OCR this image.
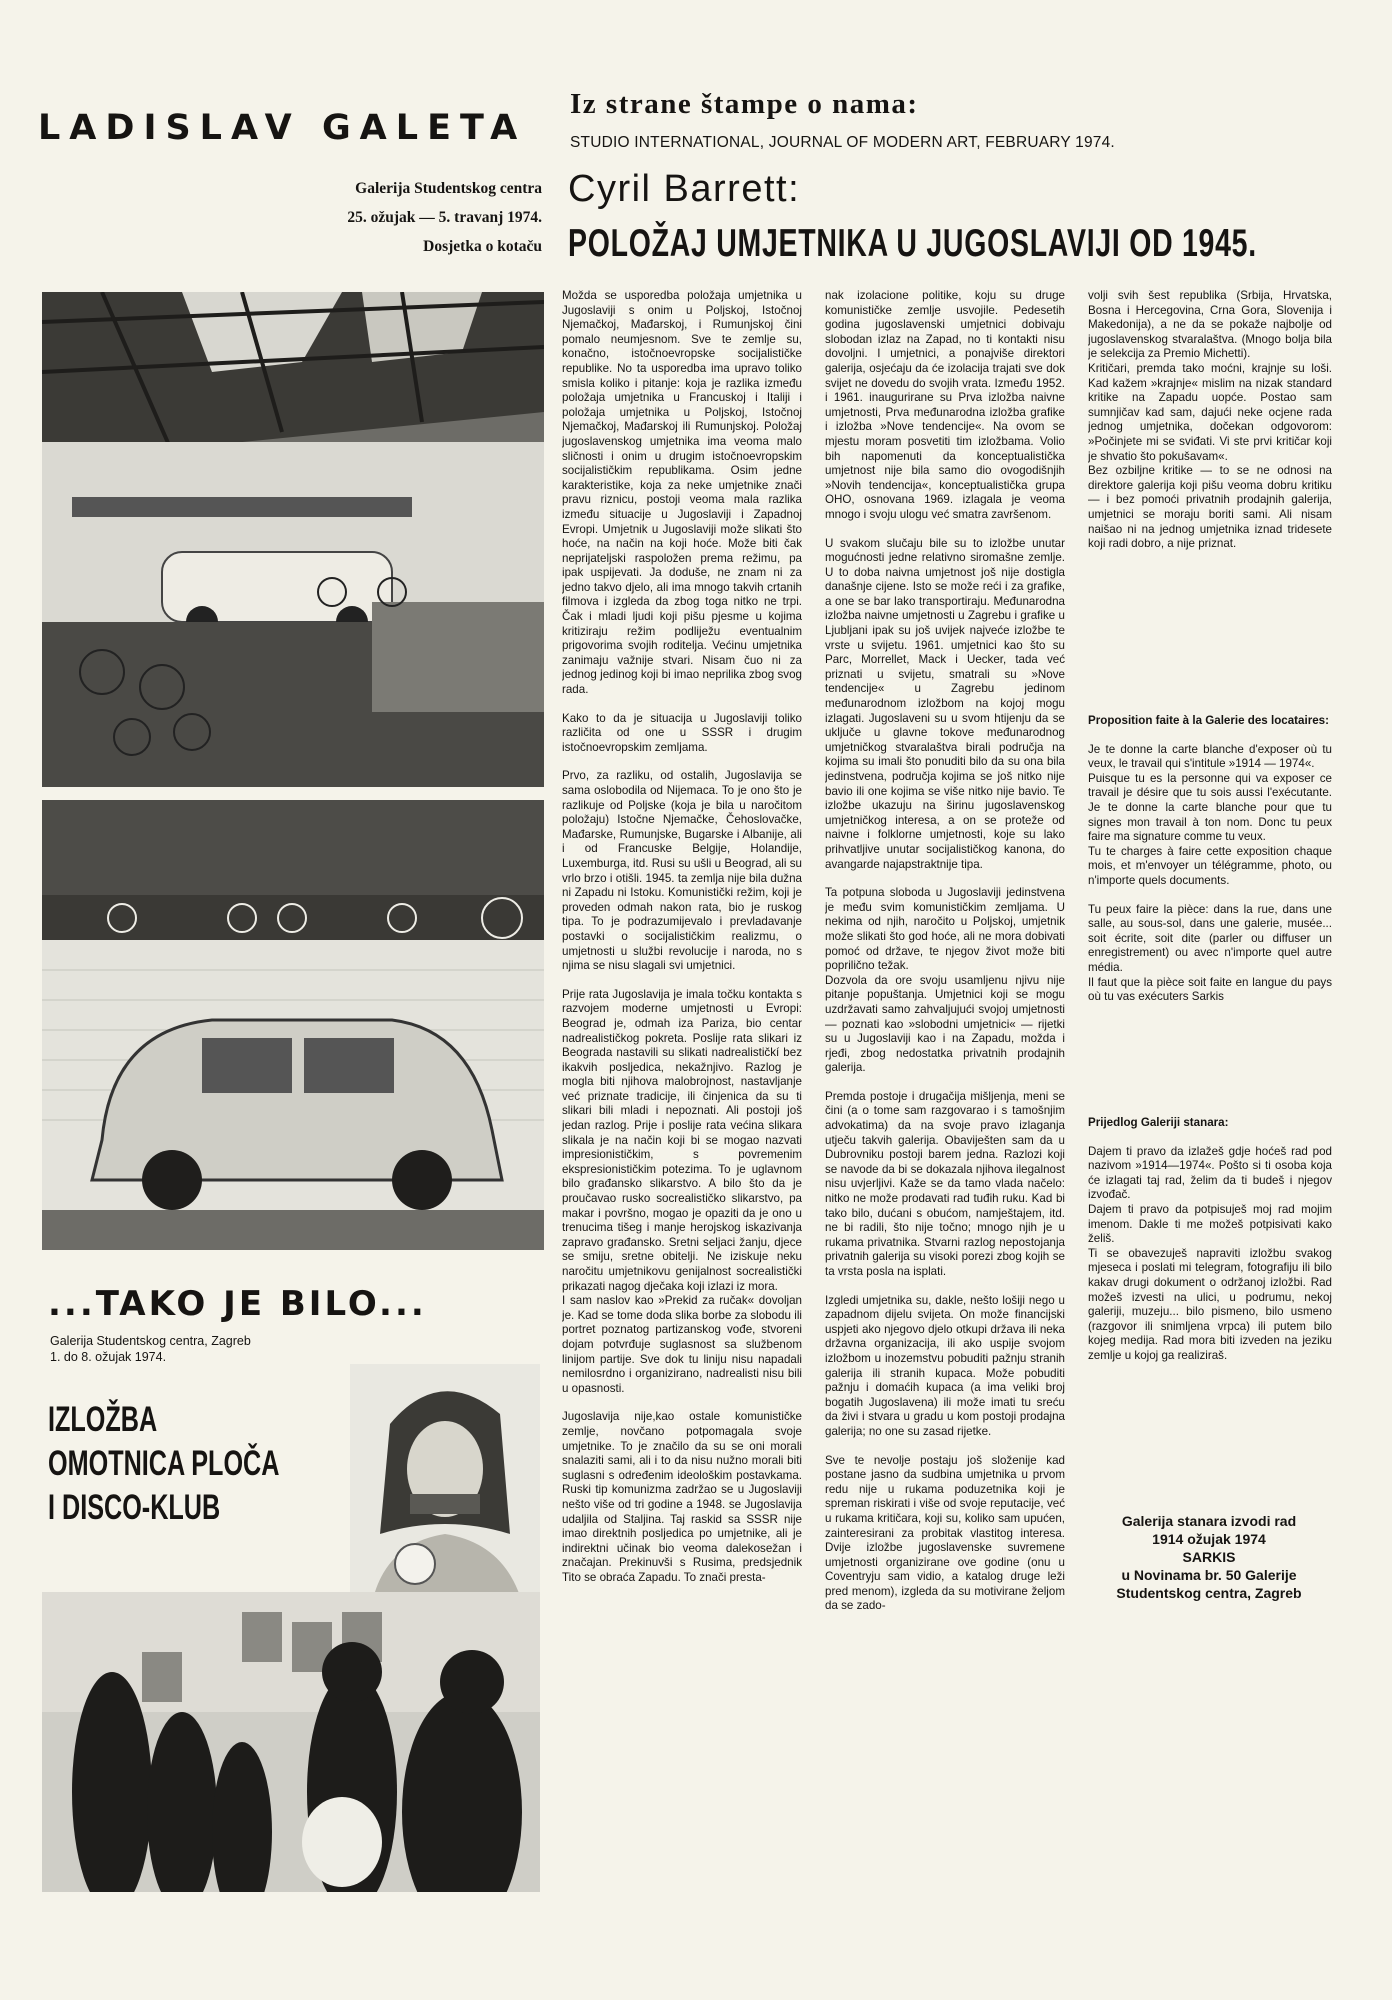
LADISLAV GALETA
Galerija Studentskog centra
25. ožujak — 5. travanj 1974.
Dosjetka o kotaču
Iz strane štampe o nama:
STUDIO INTERNATIONAL, JOURNAL OF MODERN ART, FEBRUARY 1974.
Cyril Barrett:
POLOŽAJ UMJETNIKA U JUGOSLAVIJI OD 1945.
...TAKO JE BILO...
Galerija Studentskog centra, Zagreb
1. do 8. ožujak 1974.
IZLOŽBA
OMOTNICA PLOČA
I DISCO-KLUB

Možda se usporedba položaja umjetnika u Jugoslaviji s onim u Poljskoj, Istočnoj Njemačkoj, Mađarskoj, i Rumunjskoj čini pomalo neumjesnom. Sve te zemlje su, konačno, istočnoevropske socijalističke republike. No ta usporedba ima upravo toliko smisla koliko i pitanje: koja je razlika između položaja umjetnika u Francuskoj i Italiji i položaja umjetnika u Poljskoj, Istočnoj Njemačkoj, Mađarskoj ili Rumunjskoj. Položaj jugoslavenskog umjetnika ima veoma malo sličnosti i onim u drugim istočnoevropskim socijalističkim republikama. Osim jedne karakteristike, koja za neke umjetnike znači pravu riznicu, postoji veoma mala razlika između situacije u Jugoslaviji i Zapadnoj Evropi. Umjetnik u Jugoslaviji može slikati što hoće, na način na koji hoće. Može biti čak neprijateljski raspoložen prema režimu, pa ipak uspijevati. Ja doduše, ne znam ni za jedno takvo djelo, ali ima mnogo takvih crtanih filmova i izgleda da zbog toga nitko ne trpi. Čak i mladi ljudi koji pišu pjesme u kojima kritiziraju režim podliježu eventualnim prigovorima svojih roditelja. Većinu umjetnika zanimaju važnije stvari. Nisam čuo ni za jednog jedinog koji bi imao neprilika zbog svog rada.

Kako to da je situacija u Jugoslaviji toliko različita od one u SSSR i drugim istočnoevropskim zemljama.

Prvo, za razliku, od ostalih, Jugoslavija se sama oslobodila od Nijemaca. To je ono što je razlikuje od Poljske (koja je bila u naročitom položaju) Istočne Njemačke, Čehoslovačke, Mađarske, Rumunjske, Bugarske i Albanije, ali i od Francuske Belgije, Holandije, Luxemburga, itd. Rusi su ušli u Beograd, ali su vrlo brzo i otišli. 1945. ta zemlja nije bila dužna ni Zapadu ni Istoku. Komunistički režim, koji je proveden odmah nakon rata, bio je ruskog tipa. To je podrazumijevalo i prevladavanje postavki o socijalističkim realizmu, o umjetnosti u službi revolucije i naroda, no s njima se nisu slagali svi umjetnici.

Prije rata Jugoslavija je imala točku kontakta s razvojem moderne umjetnosti u Evropi: Beograd je, odmah iza Pariza, bio centar nadrealističkog pokreta. Poslije rata slikari iz Beograda nastavili su slikati nadrealističkí bez ikakvih posljedica, nekažnjivo. Razlog je mogla biti njihova malobrojnost, nastavljanje već priznate tradicije, ili činjenica da su ti slikari bili mladi i nepoznati. Ali postoji još jedan razlog. Prije i poslije rata većina slikara slikala je na način koji bi se mogao nazvati impresionističkim, s povremenim ekspresionističkim potezima. To je uglavnom bilo građansko slikarstvo. A bilo što da je proučavao rusko socrealističko slikarstvo, pa makar i površno, mogao je opaziti da je ono u trenucima tišeg i manje herojskog iskazivanja zapravo građansko. Sretni seljaci žanju, djece se smiju, sretne obitelji. Ne iziskuje neku naročitu umjetnikovu genijalnost socrealistički prikazati nagog dječaka koji izlazi iz mora.

I sam naslov kao »Prekid za ručak« dovoljan je. Kad se tome doda slika borbe za slobodu ili portret poznatog partizanskog vođe, stvoreni dojam potvrđuje suglasnost sa službenom linijom partije. Sve dok tu liniju nisu napadali nemilosrdno i organizirano, nadrealisti nisu bili u opasnosti.

Jugoslavija nije,kao ostale komunističke zemlje, novčano potpomagala svoje umjetnike. To je značilo da su se oni morali snalaziti sami, ali i to da nisu nužno morali biti suglasni s određenim ideološkim postavkama. Ruski tip komunizma zadržao se u Jugoslaviji nešto više od tri godine a 1948. se Jugoslavija udaljila od Staljina. Taj raskid sa SSSR nije imao direktnih posljedica po umjetnike, ali je indirektni učinak bio veoma dalekosežan i značajan. Prekinuvši s Rusima, predsjednik Tito se obraća Zapadu. To znači presta-

nak izolacione politike, koju su druge komunističke zemlje usvojile. Pedesetih godina jugoslavenski umjetnici dobivaju slobodan izlaz na Zapad, no ti kontakti nisu dovoljni. I umjetnici, a ponajviše direktori galerija, osjećaju da će izolacija trajati sve dok svijet ne dovedu do svojih vrata. Između 1952. i 1961. inaugurirane su Prva izložba naivne umjetnosti, Prva međunarodna izložba grafike i izložba »Nove tendencije«. Na ovom se mjestu moram posvetiti tim izložbama. Volio bih napomenuti da konceptualistička umjetnost nije bila samo dio ovogodišnjih »Novih tendencija«, konceptualistička grupa OHO, osnovana 1969. izlagala je veoma mnogo i svoju ulogu već smatra završenom.

U svakom slučaju bile su to izložbe unutar mogućnosti jedne relativno siromašne zemlje. U to doba naivna umjetnost još nije dostigla današnje cijene. Isto se može reći i za grafike, a one se bar lako transportiraju. Međunarodna izložba naivne umjetnosti u Zagrebu i grafike u Ljubljani ipak su još uvijek najveće izložbe te vrste u svijetu. 1961. umjetnici kao što su Parc, Morrellet, Mack i Uecker, tada već priznati u svijetu, smatrali su »Nove tendencije« u Zagrebu jedinom međunarodnom izložbom na kojoj mogu izlagati. Jugoslaveni su u svom htijenju da se uključe u glavne tokove međunarodnog umjetničkog stvaralaštva birali područja na kojima su imali što ponuditi bilo da su ona bila jedinstvena, područja kojima se još nitko nije bavio ili one kojima se više nitko nije bavio. Te izložbe ukazuju na širinu jugoslavenskog umjetničkog interesa, a on se proteže od naivne i folklorne umjetnosti, koje su lako prihvatljive unutar socijalističkog kanona, do avangarde najapstraktnije tipa.

Ta potpuna sloboda u Jugoslaviji jedinstvena je među svim komunističkim zemljama. U nekima od njih, naročito u Poljskoj, umjetnik može slikati što god hoće, ali ne mora dobivati pomoć od države, te njegov život može biti poprilično težak.

Dozvola da ore svoju usamljenu njivu nije pitanje popuštanja. Umjetnici koji se mogu uzdržavati samo zahvaljujući svojoj umjetnosti — poznati kao »slobodni umjetnici« — rijetki su u Jugoslaviji kao i na Zapadu, možda i rjeđi, zbog nedostatka privatnih prodajnih galerija.

Premda postoje i drugačija mišljenja, meni se čini (a o tome sam razgovarao i s tamošnjim advokatima) da na svoje pravo izlaganja utječu takvih galerija. Obaviješten sam da u Dubrovniku postoji barem jedna. Razlozi koji se navode da bi se dokazala njihova ilegalnost nisu uvjerljivi. Kaže se da tamo vlada načelo: nitko ne može prodavati rad tuđih ruku. Kad bi tako bilo, dućani s obućom, namještajem, itd. ne bi radili, što nije točno; mnogo njih je u rukama privatnika. Stvarni razlog nepostojanja privatnih galerija su visoki porezi zbog kojih se ta vrsta posla na isplati.

Izgledi umjetnika su, dakle, nešto lošiji nego u zapadnom dijelu svijeta. On može financijski uspjeti ako njegovo djelo otkupi država ili neka državna organizacija, ili ako uspije svojom izložbom u inozemstvu pobuditi pažnju stranih galerija ili stranih kupaca. Može pobuditi pažnju i domaćih kupaca (a ima veliki broj bogatih Jugoslavena) ili može imati tu sreću da živi i stvara u gradu u kom postoji prodajna galerija; no one su zasad rijetke.

Sve te nevolje postaju još složenije kad postane jasno da sudbina umjetnika u prvom redu nije u rukama poduzetnika koji je spreman riskirati i više od svoje reputacije, već u rukama kritičara, koji su, koliko sam upućen, zainteresirani za probitak vlastitog interesa. Dvije izložbe jugoslavenske suvremene umjetnosti organizirane ove godine (onu u Coventryju sam vidio, a katalog druge leži pred menom), izgleda da su motivirane željom da se zado-

volji svih šest republika (Srbija, Hrvatska, Bosna i Hercegovina, Crna Gora, Slovenija i Makedonija), a ne da se pokaže najbolje od jugoslavenskog stvaralaštva. (Mnogo bolja bila je selekcija za Premio Michetti).

Kritičari, premda tako moćni, krajnje su loši. Kad kažem »krajnje« mislim na nizak standard kritike na Zapadu uopće. Postao sam sumnjičav kad sam, dajući neke ocjene rada jednog umjetnika, dočekan odgovorom: »Počinjete mi se sviđati. Vi ste prvi kritičar koji je shvatio što pokušavam«.

Bez ozbiljne kritike — to se ne odnosi na direktore galerija koji pišu veoma dobru kritiku — i bez pomoći privatnih prodajnih galerija, umjetnici se moraju boriti sami. Ali nisam naišao ni na jednog umjetnika iznad tridesete koji radi dobro, a nije priznat.

Proposition faite à la Galerie des locataires:

Je te donne la carte blanche d'exposer où tu veux, le travail qui s'intitule »1914 — 1974«.

Puisque tu es la personne qui va exposer ce travail je désire que tu sois aussi l'exécutante. Je te donne la carte blanche pour que tu signes mon travail à ton nom. Donc tu peux faire ma signature comme tu veux.

Tu te charges à faire cette exposition chaque mois, et m'envoyer un télégramme, photo, ou n'importe quels documents.

Tu peux faire la pièce: dans la rue, dans une salle, au sous-sol, dans une galerie, musée... soit écrite, soit dite (parler ou diffuser un enregistrement) ou avec n'importe quel autre média.

Il faut que la pièce soit faite en langue du pays où tu vas exécuters Sarkis

Prijedlog Galeriji stanara:

Dajem ti pravo da izlažeš gdje hoćeš rad pod nazivom »1914—1974«. Pošto si ti osoba koja će izlagati taj rad, želim da ti budeš i njegov izvođač.

Dajem ti pravo da potpisuješ moj rad mojim imenom. Dakle ti me možeš potpisivati kako želiš.

Ti se obavezuješ napraviti izložbu svakog mjeseca i poslati mi telegram, fotografiju ili bilo kakav drugi dokument o održanoj izložbi. Rad možeš izvesti na ulici, u podrumu, nekoj galeriji, muzeju... bilo pismeno, bilo usmeno (razgovor ili snimljena vrpca) ili putem bilo kojeg medija. Rad mora biti izveden na jeziku zemlje u kojoj ga realiziraš.

Galerija stanara izvodi rad
1914 ožujak 1974
SARKIS
u Novinama br. 50 Galerije
Studentskog centra, Zagreb
